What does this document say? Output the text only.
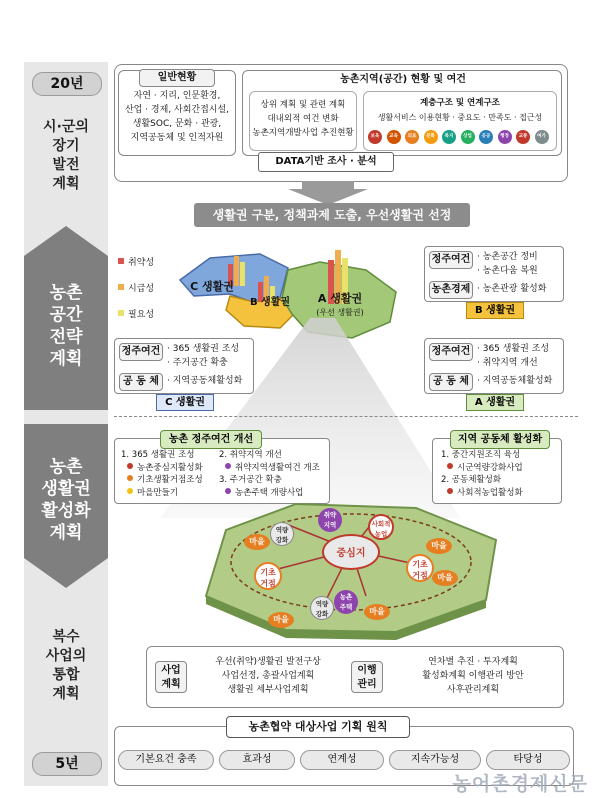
20년
시·군의
장기
발전
계획
농촌
공간
전략
계획
농촌
생활권
활성화
계획
복수
사업의
통합
계획
5년
일반현황
자연 · 지리, 인문환경,
산업 · 경제, 사회간접시설,
생활SOC, 문화 · 관광,
지역공동체 및 인적자원
농촌지역(공간) 현황 및 여건
상위 계획 및 관련 계획
대내외적 여건 변화
농촌지역개발사업 추진현황
계층구조 및 연계구조
생활서비스 이용현황 · 중요도 · 만족도 · 접근성
보육	교육	의료	문화	복지	상업	공공	행정	교통	여가
DATA기반 조사 · 분석
생활권 구분, 정책과제 도출, 우선생활권 선정

취약성

시급성

필요성

C 생활권
B 생활권	A 생활권
(우선 생활권)
정주여건 · 농촌공간 정비
· 농촌다움 복원
농촌경제 · 농촌관광 활성화
B 생활권
정주여건 · 365 생활권 조성
· 주거공간 확충
공 동 체 · 지역공동체활성화
C 생활권
정주여건 · 365 생활권 조성
· 취약지역 개선
공 동 체 · 지역공동체활성화
A 생활권
1. 365 생활권 조성
농촌중심지활성화
기초생활거점조성
마을만들기
2. 취약지역 개선
취약지역생활여건 개조
3. 주거공간 확충
농촌주택 개량사업
농촌 정주여건 개선
1. 중간지원조직 육성
시군역량강화사업
2. 공동체활성화
사회적농업활성화
지역 공동체 활성화
중심지
기초
거점
기초
거점
마을
마을
마을
마을
마을
역량
강화
역량
강화
취약
지역	사회적
농업
농촌
주택
사업
계획
우선(취약)생활권 발전구상
사업선정, 총괄사업계획
생활권 세부사업계획
이행
관리
연차별 추진 · 투자계획
활성화계획 이행관리 방안
사후관리계획
농촌협약 대상사업 기획 원칙
기본요건 충족	효과성	연계성	지속가능성	타당성
농어촌경제신문
